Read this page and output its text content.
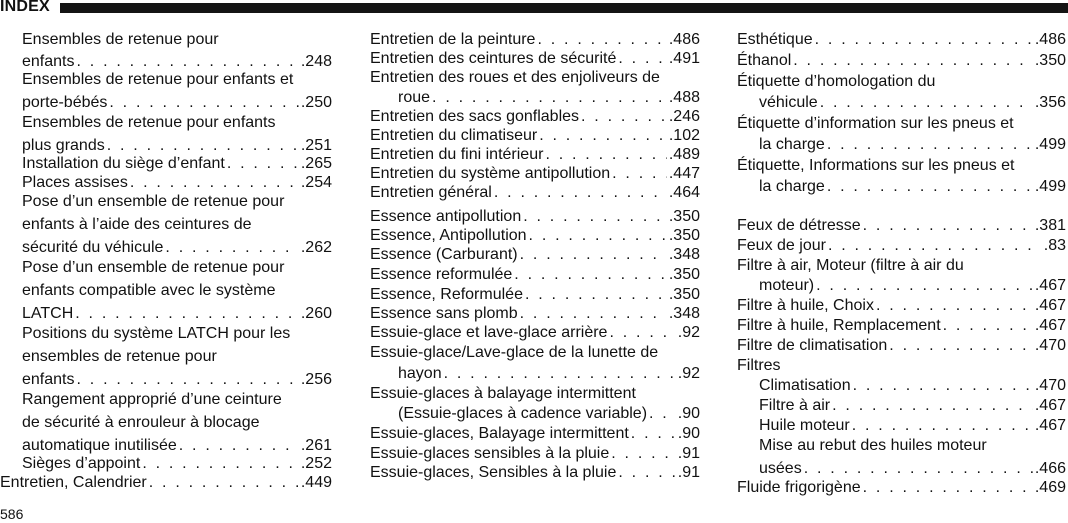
INDEX
Ensembles de retenue pour
enfants . . .	.248
Ensembles de retenue pour enfants et
porte-bébés . . .	.250
Ensembles de retenue pour enfants
plus grands . . .	.251
Installation du siège d’enfant . . .	.265
Places assises . . .	.254
Pose d’un ensemble de retenue pour
enfants à l’aide des ceintures de
sécurité du véhicule . . .	.262
Pose d’un ensemble de retenue pour
enfants compatible avec le système
LATCH . . .	.260
Positions du système LATCH pour les
ensembles de retenue pour
enfants . . .	.256
Rangement approprié d’une ceinture
de sécurité à enrouleur à blocage
automatique inutilisée . . .	.261
Sièges d’appoint . . .	.252
Entretien, Calendrier . . .	.449
Entretien de la peinture . . .	.486
Entretien des ceintures de sécurité . . .	.491
Entretien des roues et des enjoliveurs de
roue . . .	.488
Entretien des sacs gonflables . . .	.246
Entretien du climatiseur . . .	.102
Entretien du fini intérieur . . .	.489
Entretien du système antipollution . . .	.447
Entretien général . . .	.464
Essence antipollution . . .	.350
Essence, Antipollution . . .	.350
Essence (Carburant) . . .	.348
Essence reformulée . . .	.350
Essence, Reformulée . . .	.350
Essence sans plomb . . .	.348
Essuie-glace et lave-glace arrière . . .	.92
Essuie-glace/Lave-glace de la lunette de
hayon . . .	.92
Essuie-glaces à balayage intermittent
(Essuie-glaces à cadence variable) . . . .90
Essuie-glaces, Balayage intermittent . . .	.90
Essuie-glaces sensibles à la pluie . . .	.91
Essuie-glaces, Sensibles à la pluie . . .	.91
Esthétique . . .	.486
Éthanol . . .	.350
Étiquette d’homologation du
véhicule . . .	.356
Étiquette d’information sur les pneus et
la charge . . .	.499
Étiquette, Informations sur les pneus et
la charge . . .	.499
Feux de détresse . . .	.381
Feux de jour . . .	.83
Filtre à air, Moteur (filtre à air du
moteur) . . .	.467
Filtre à huile, Choix . . .	.467
Filtre à huile, Remplacement . . .	.467
Filtre de climatisation . . .	.470
Filtres
Climatisation . . .	.470
Filtre à air . . .	.467
Huile moteur . . .	.467
Mise au rebut des huiles moteur
usées . . .	.466
Fluide frigorigène . . .	.469
586
